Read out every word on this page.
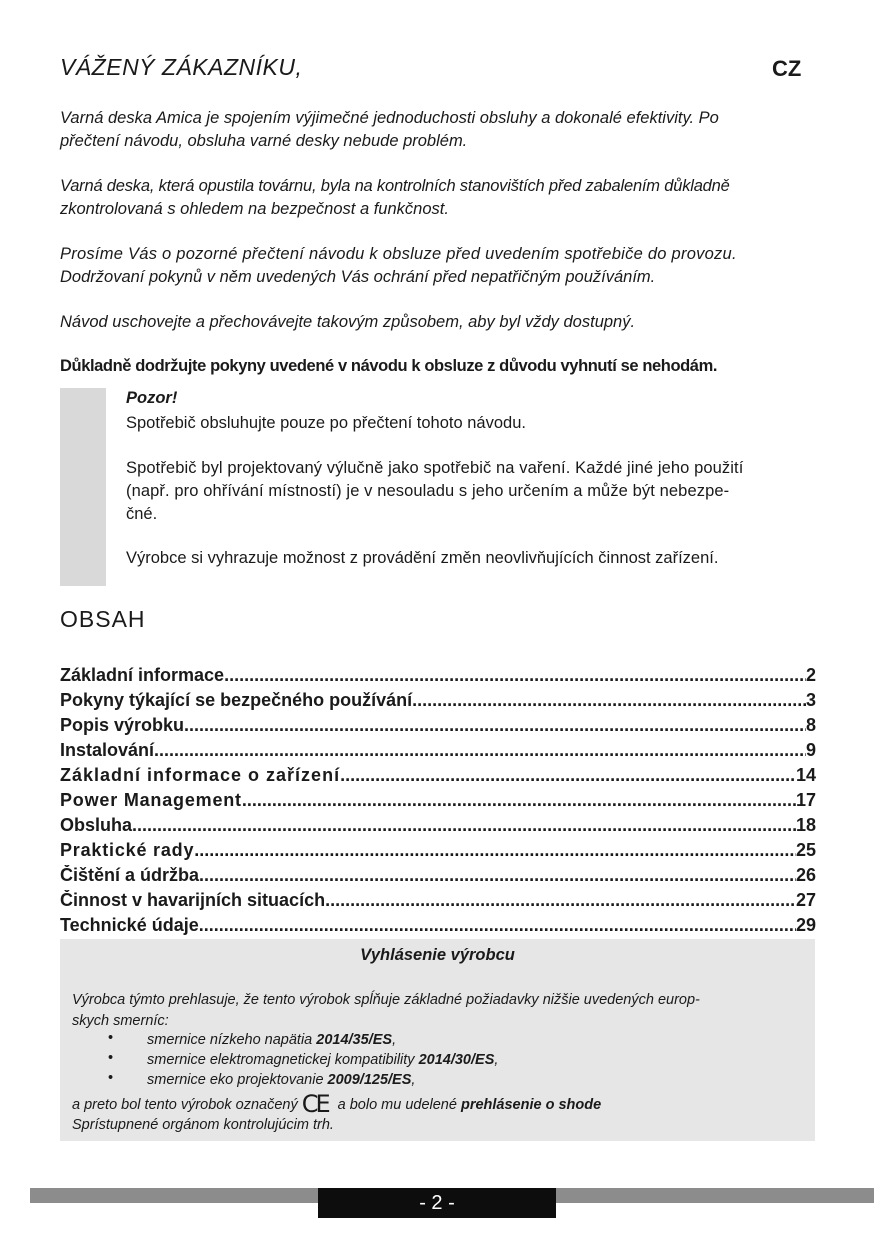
VÁŽENÝ ZÁKAZNÍKU,	CZ
Varná deska Amica je spojením výjimečné jednoduchosti obsluhy a dokonalé efektivity. Po
přečtení návodu, obsluha varné desky nebude problém.
Varná deska, která opustila továrnu, byla na kontrolních stanovištích před zabalením důkladně
zkontrolovaná s ohledem na bezpečnost a funkčnost.
Prosíme Vás o pozorné přečtení návodu k obsluze před uvedením spotřebiče do provozu.
Dodržovaní pokynů v něm uvedených Vás ochrání před nepatřičným používáním.
Návod uschovejte a přechovávejte takovým způsobem, aby byl vždy dostupný.
Důkladně dodržujte pokyny uvedené v návodu k obsluze z důvodu vyhnutí se nehodám.
Pozor!
Spotřebič obsluhujte pouze po přečtení tohoto návodu.
Spotřebič byl projektovaný výlučně jako spotřebič na vaření. Každé jiné jeho použití
(např. pro ohřívání místností) je v nesouladu s jeho určením a může být nebezpe-
čné.
Výrobce si vyhrazuje možnost z provádění změn neovlivňujících činnost zařízení.
OBSAH
Základní informace .....	2
Pokyny týkající se bezpečného používání .....	3
Popis výrobku .....	8
Instalování .....	9
Základní informace o zařízení .....	14
Power Management .....	17
Obsluha .....	18
Praktické rady .....	25
Čištění a údržba .....	26
Činnost v havarijních situacích .....	27
Technické údaje .....	29
Vyhlásenie výrobcu
Výrobca týmto prehlasuje, že tento výrobok spĺňuje základné požiadavky nižšie uvedených europ-
skych smerníc:
• smernice nízkeho napätia 2014/35/ES,
• smernice elektromagnetickej kompatibility 2014/30/ES,
• smernice eko projektovanie 2009/125/ES,
a preto bol tento výrobok označený CE a bolo mu udelené prehlásenie o shode
Sprístupnené orgánom kontrolujúcim trh.
- 2 -
